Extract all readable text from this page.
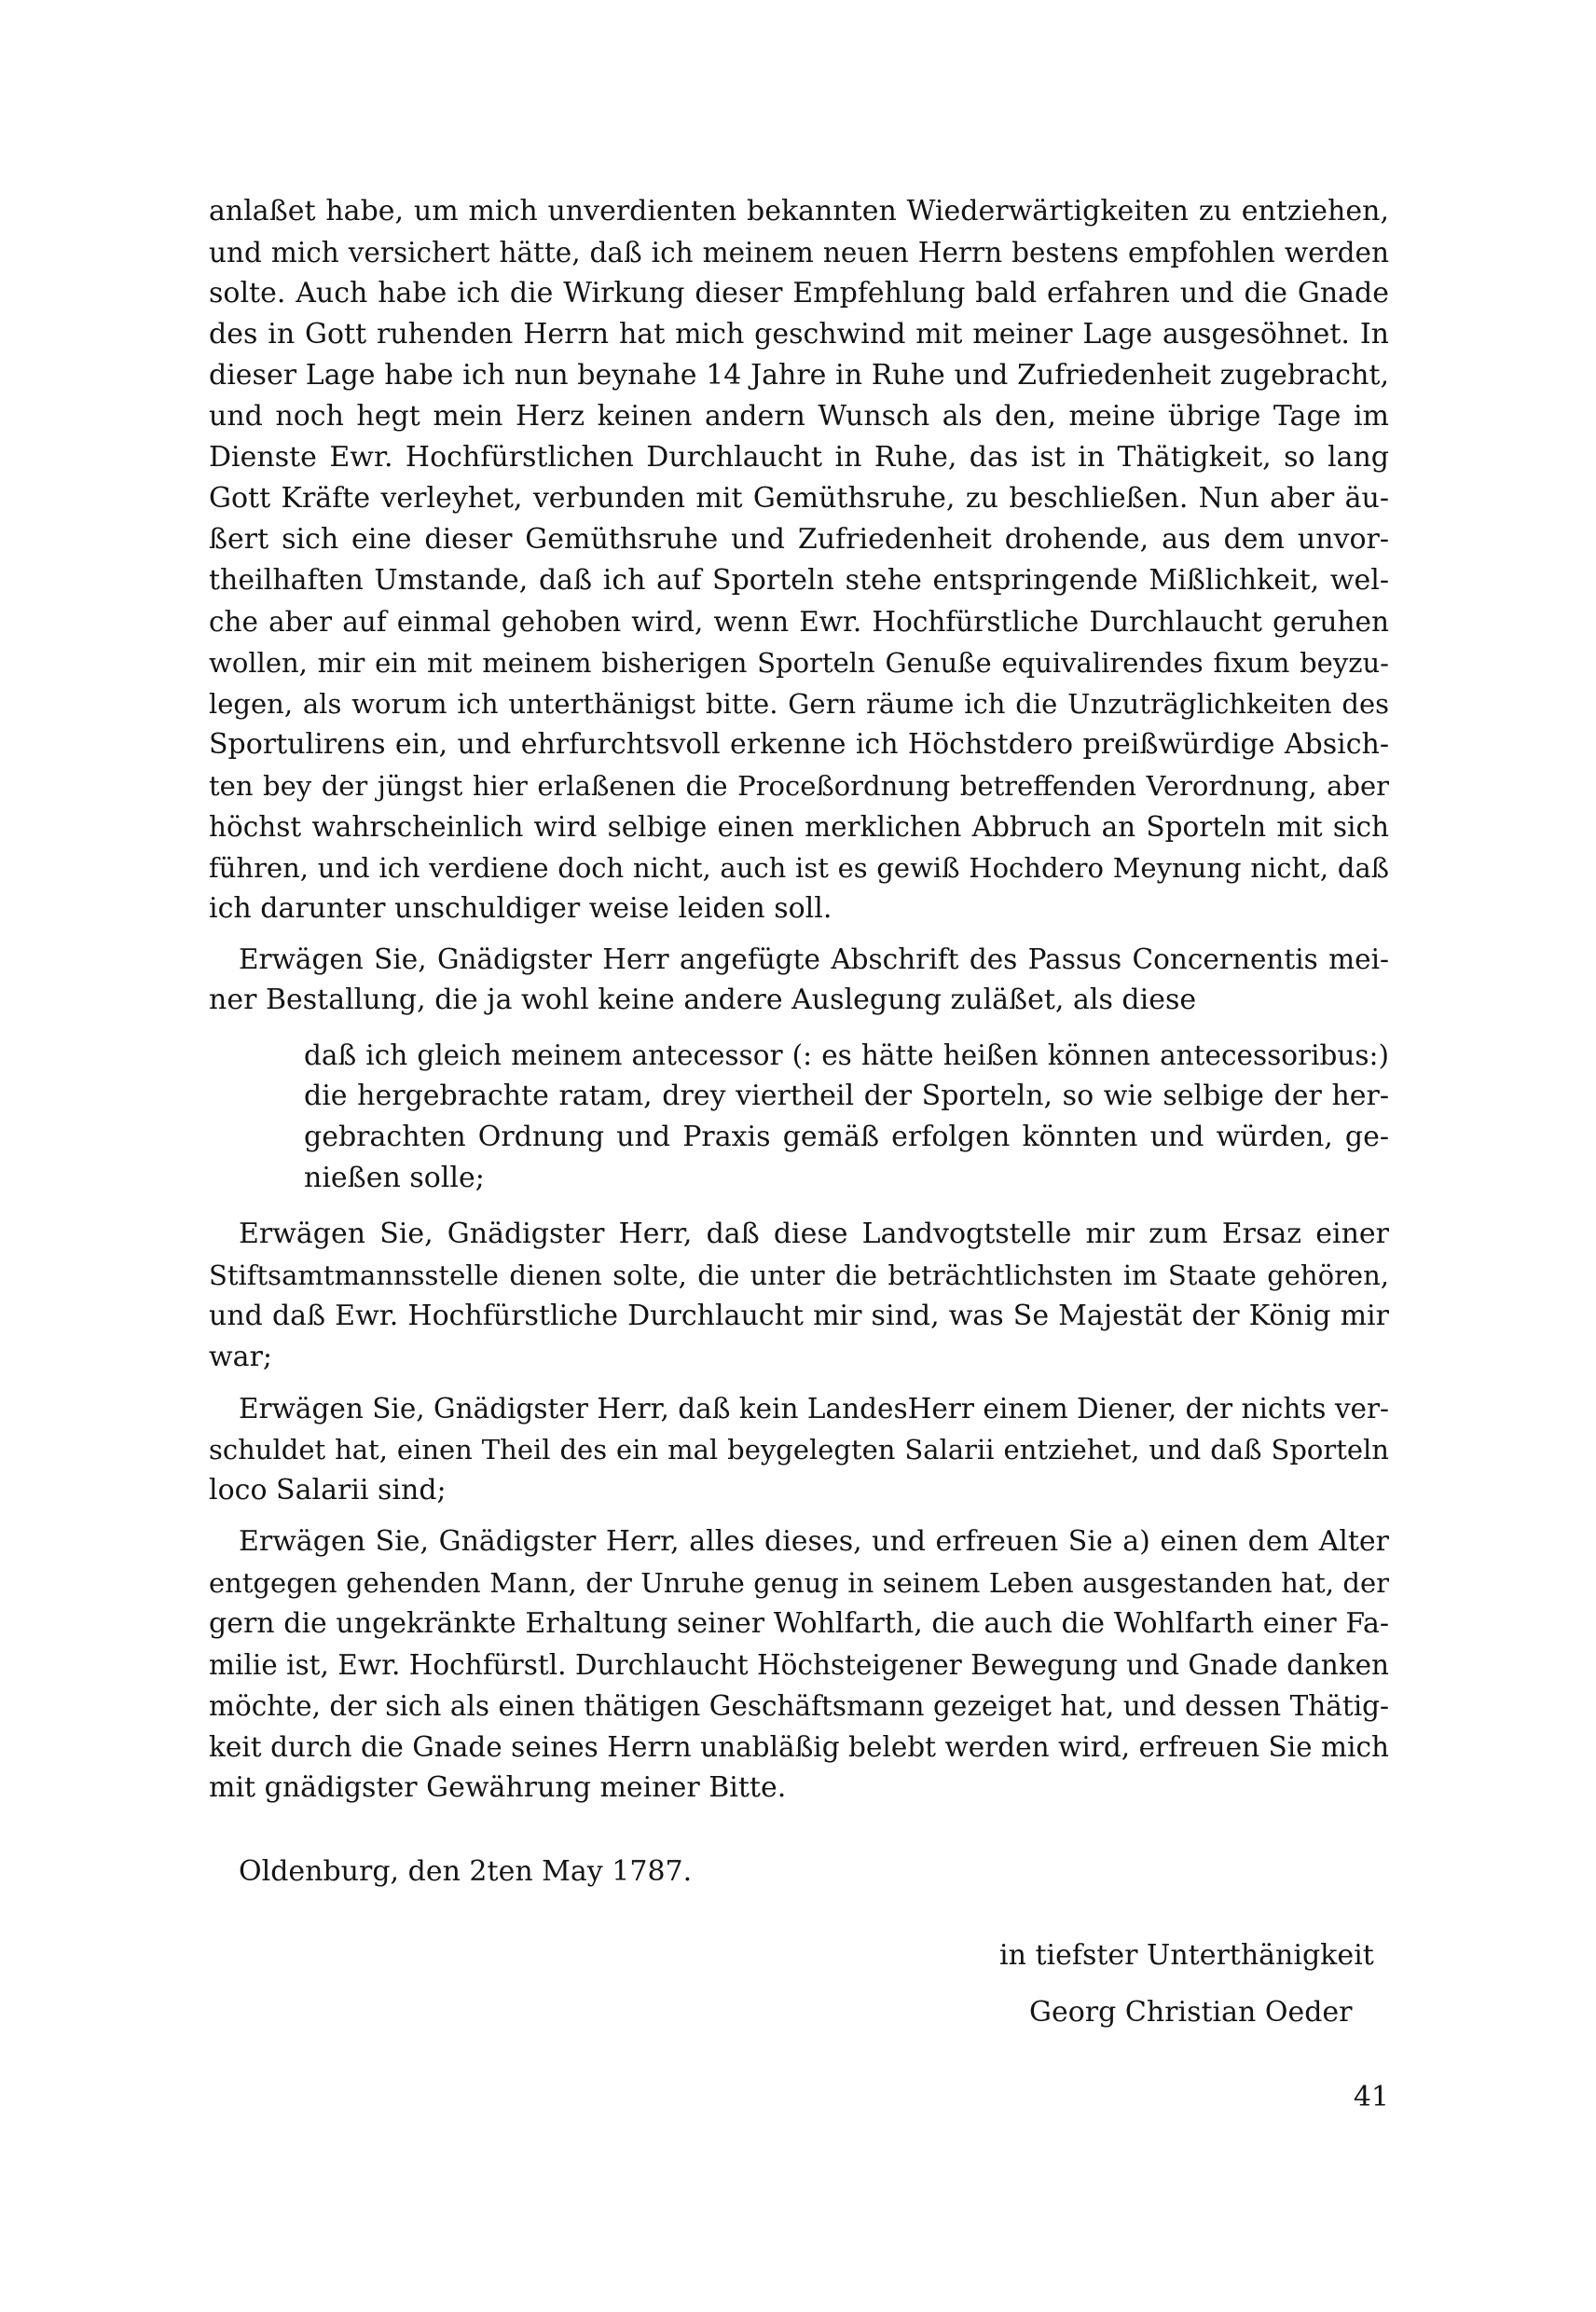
anlaßet habe, um mich unverdienten bekannten Wiederwärtigkeiten zu entziehen,
und mich versichert hätte, daß ich meinem neuen Herrn bestens empfohlen werden
solte. Auch habe ich die Wirkung dieser Empfehlung bald erfahren und die Gnade
des in Gott ruhenden Herrn hat mich geschwind mit meiner Lage ausgesöhnet. In
dieser Lage habe ich nun beynahe 14 Jahre in Ruhe und Zufriedenheit zugebracht,
und noch hegt mein Herz keinen andern Wunsch als den, meine übrige Tage im
Dienste Ewr. Hochfürstlichen Durchlaucht in Ruhe, das ist in Thätigkeit, so lang
Gott Kräfte verleyhet, verbunden mit Gemüthsruhe, zu beschließen. Nun aber äu-
ßert sich eine dieser Gemüthsruhe und Zufriedenheit drohende, aus dem unvor-
theilhaften Umstande, daß ich auf Sporteln stehe entspringende Mißlichkeit, wel-
che aber auf einmal gehoben wird, wenn Ewr. Hochfürstliche Durchlaucht geruhen
wollen, mir ein mit meinem bisherigen Sporteln Genuße equivalirendes fixum beyzu-
legen, als worum ich unterthänigst bitte. Gern räume ich die Unzuträglichkeiten des
Sportulirens ein, und ehrfurchtsvoll erkenne ich Höchstdero preißwürdige Absich-
ten bey der jüngst hier erlaßenen die Proceßordnung betreffenden Verordnung, aber
höchst wahrscheinlich wird selbige einen merklichen Abbruch an Sporteln mit sich
führen, und ich verdiene doch nicht, auch ist es gewiß Hochdero Meynung nicht, daß
ich darunter unschuldiger weise leiden soll.
Erwägen Sie, Gnädigster Herr angefügte Abschrift des Passus Concernentis mei-
ner Bestallung, die ja wohl keine andere Auslegung zuläßet, als diese
daß ich gleich meinem antecessor (: es hätte heißen können antecessoribus:)
die hergebrachte ratam, drey viertheil der Sporteln, so wie selbige der her-
gebrachten Ordnung und Praxis gemäß erfolgen könnten und würden, ge-
nießen solle;
Erwägen Sie, Gnädigster Herr, daß diese Landvogtstelle mir zum Ersaz einer
Stiftsamtmannsstelle dienen solte, die unter die beträchtlichsten im Staate gehören,
und daß Ewr. Hochfürstliche Durchlaucht mir sind, was Se Majestät der König mir
war;
Erwägen Sie, Gnädigster Herr, daß kein LandesHerr einem Diener, der nichts ver-
schuldet hat, einen Theil des ein mal beygelegten Salarii entziehet, und daß Sporteln
loco Salarii sind;
Erwägen Sie, Gnädigster Herr, alles dieses, und erfreuen Sie a) einen dem Alter
entgegen gehenden Mann, der Unruhe genug in seinem Leben ausgestanden hat, der
gern die ungekränkte Erhaltung seiner Wohlfarth, die auch die Wohlfarth einer Fa-
milie ist, Ewr. Hochfürstl. Durchlaucht Höchsteigener Bewegung und Gnade danken
möchte, der sich als einen thätigen Geschäftsmann gezeiget hat, und dessen Thätig-
keit durch die Gnade seines Herrn unabläßig belebt werden wird, erfreuen Sie mich
mit gnädigster Gewährung meiner Bitte.
Oldenburg, den 2ten May 1787.
in tiefster Unterthänigkeit
Georg Christian Oeder
41
